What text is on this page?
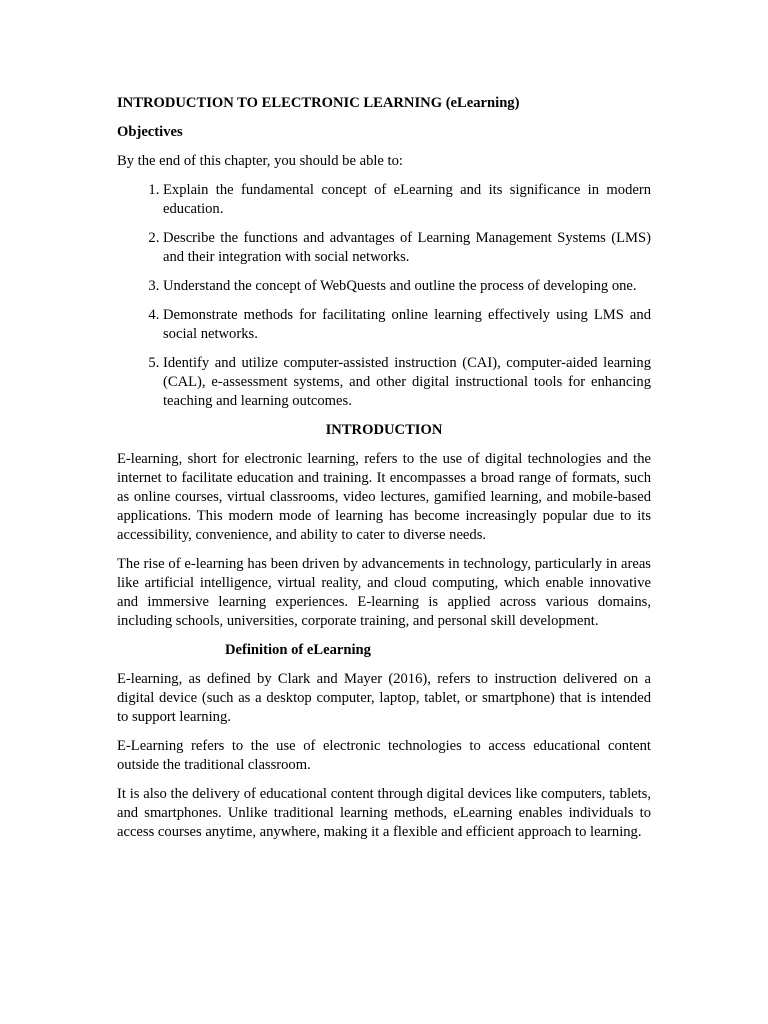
INTRODUCTION TO ELECTRONIC LEARNING (eLearning)

Objectives

By the end of this chapter, you should be able to:

1. Explain the fundamental concept of eLearning and its significance in modern education.
2. Describe the functions and advantages of Learning Management Systems (LMS) and their integration with social networks.
3. Understand the concept of WebQuests and outline the process of developing one.
4. Demonstrate methods for facilitating online learning effectively using LMS and social networks.
5. Identify and utilize computer-assisted instruction (CAI), computer-aided learning (CAL), e-assessment systems, and other digital instructional tools for enhancing teaching and learning outcomes.

INTRODUCTION

E-learning, short for electronic learning, refers to the use of digital technologies and the internet to facilitate education and training. It encompasses a broad range of formats, such as online courses, virtual classrooms, video lectures, gamified learning, and mobile-based applications. This modern mode of learning has become increasingly popular due to its accessibility, convenience, and ability to cater to diverse needs.

The rise of e-learning has been driven by advancements in technology, particularly in areas like artificial intelligence, virtual reality, and cloud computing, which enable innovative and immersive learning experiences. E-learning is applied across various domains, including schools, universities, corporate training, and personal skill development.

Definition of eLearning

E-learning, as defined by Clark and Mayer (2016), refers to instruction delivered on a digital device (such as a desktop computer, laptop, tablet, or smartphone) that is intended to support learning.

E-Learning refers to the use of electronic technologies to access educational content outside the traditional classroom.

It is also the delivery of educational content through digital devices like computers, tablets, and smartphones. Unlike traditional learning methods, eLearning enables individuals to access courses anytime, anywhere, making it a flexible and efficient approach to learning.
